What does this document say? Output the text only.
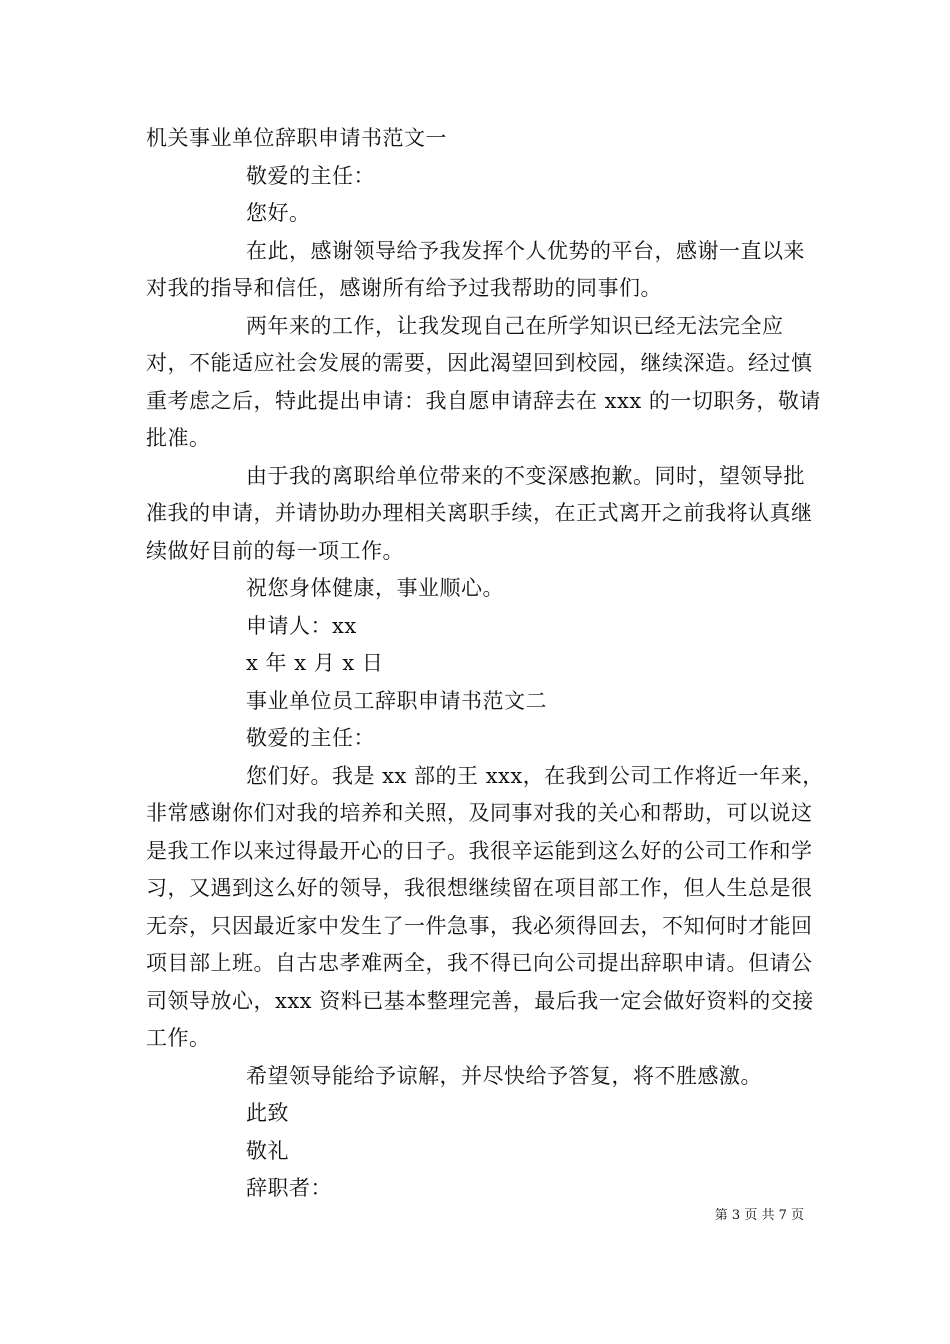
机关事业单位辞职申请书范文一

敬爱的主任：

您好。

在此，感谢领导给予我发挥个人优势的平台，感谢一直以来对我的指导和信任，感谢所有给予过我帮助的同事们。

两年来的工作，让我发现自己在所学知识已经无法完全应对，不能适应社会发展的需要，因此渴望回到校园，继续深造。经过慎重考虑之后，特此提出申请：我自愿申请辞去在 xxx 的一切职务，敬请批准。

由于我的离职给单位带来的不变深感抱歉。同时，望领导批准我的申请，并请协助办理相关离职手续，在正式离开之前我将认真继续做好目前的每一项工作。

祝您身体健康，事业顺心。

申请人：xx

x 年 x 月 x 日

事业单位员工辞职申请书范文二

敬爱的主任：

您们好。我是 xx 部的王 xxx，在我到公司工作将近一年来，非常感谢你们对我的培养和关照，及同事对我的关心和帮助，可以说这是我工作以来过得最开心的日子。我很辛运能到这么好的公司工作和学习，又遇到这么好的领导，我很想继续留在项目部工作，但人生总是很无奈，只因最近家中发生了一件急事，我必须得回去，不知何时才能回项目部上班。自古忠孝难两全，我不得已向公司提出辞职申请。但请公司领导放心，xxx 资料已基本整理完善，最后我一定会做好资料的交接工作。

希望领导能给予谅解，并尽快给予答复，将不胜感激。

此致

敬礼

辞职者：

第 3 页 共 7 页
